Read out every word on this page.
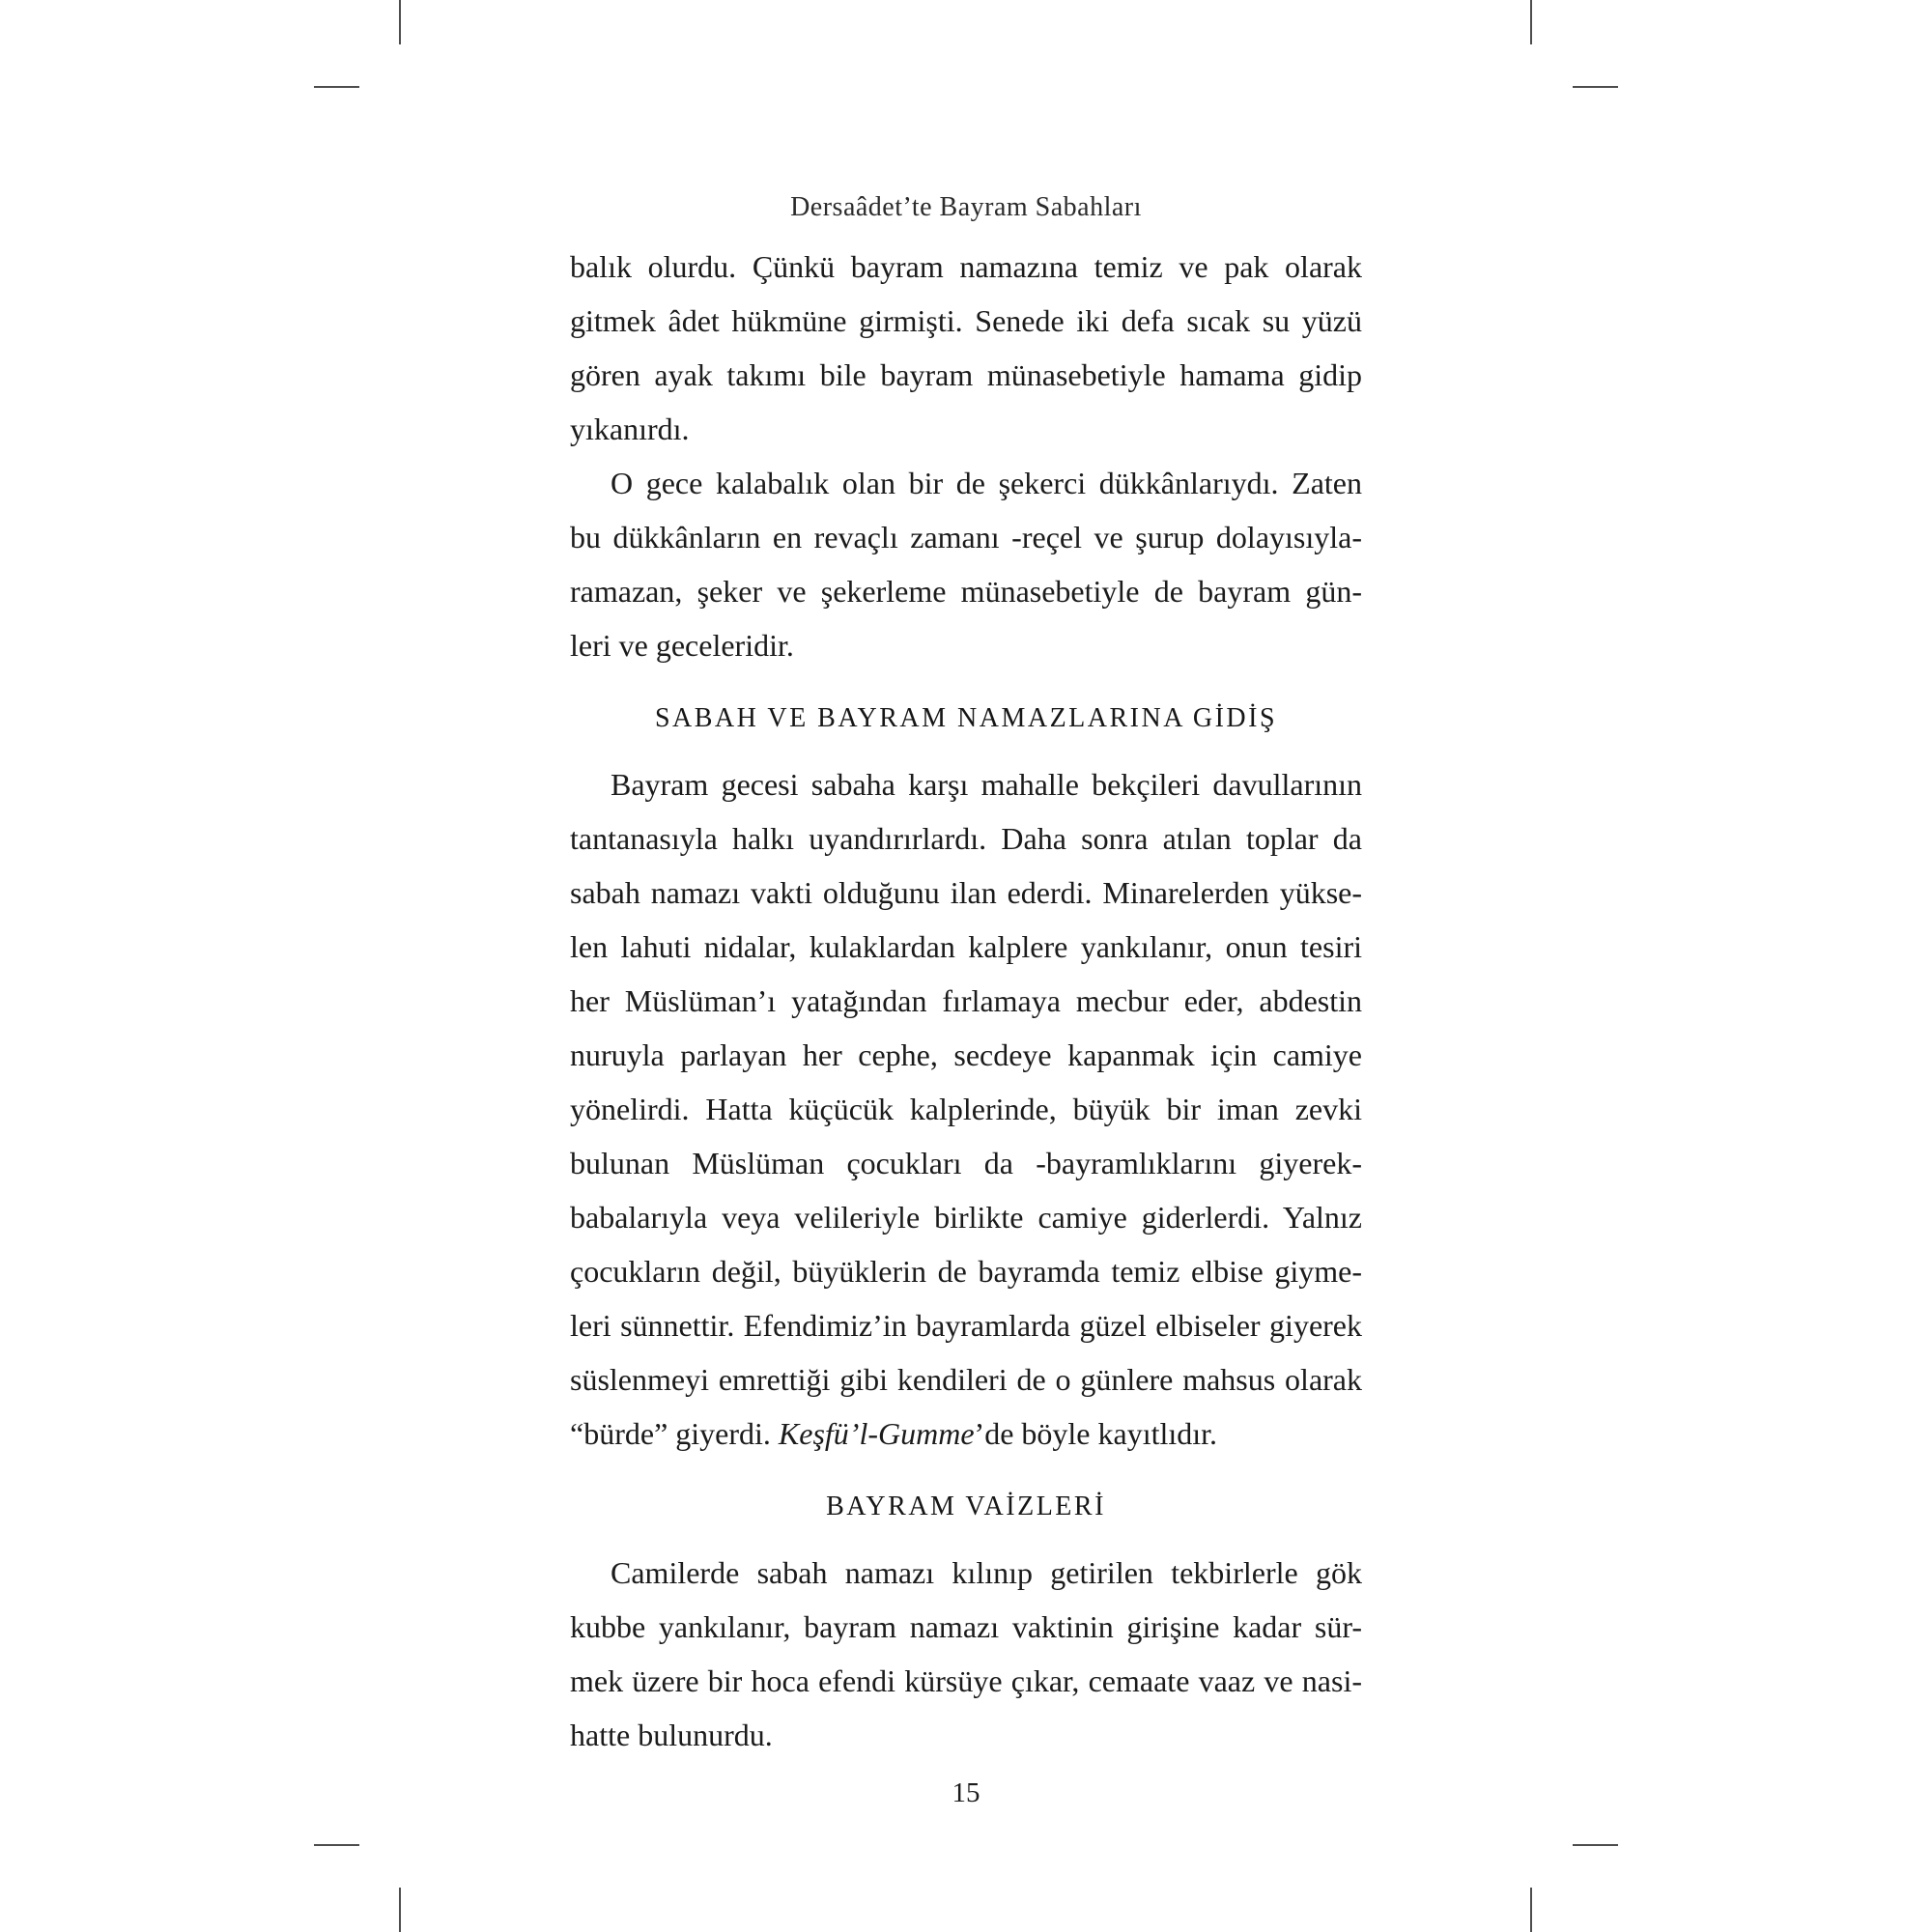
Dersaâdet’te Bayram Sabahları
balık olurdu. Çünkü bayram namazına temiz ve pak olarak
gitmek âdet hükmüne girmişti. Senede iki defa sıcak su yüzü
gören ayak takımı bile bayram münasebetiyle hamama gidip
yıkanırdı.
O gece kalabalık olan bir de şekerci dükkânlarıydı. Zaten
bu dükkânların en revaçlı zamanı -reçel ve şurup dolayısıyla-
ramazan, şeker ve şekerleme münasebetiyle de bayram gün-
leri ve geceleridir.
SABAH VE BAYRAM NAMAZLARINA GİDİŞ
Bayram gecesi sabaha karşı mahalle bekçileri davullarının
tantanasıyla halkı uyandırırlardı. Daha sonra atılan toplar da
sabah namazı vakti olduğunu ilan ederdi. Minarelerden yükse-
len lahuti nidalar, kulaklardan kalplere yankılanır, onun tesiri
her Müslüman’ı yatağından fırlamaya mecbur eder, abdestin
nuruyla parlayan her cephe, secdeye kapanmak için camiye
yönelirdi. Hatta küçücük kalplerinde, büyük bir iman zevki
bulunan Müslüman çocukları da -bayramlıklarını giyerek-
babalarıyla veya velileriyle birlikte camiye giderlerdi. Yalnız
çocukların değil, büyüklerin de bayramda temiz elbise giyme-
leri sünnettir. Efendimiz’in bayramlarda güzel elbiseler giyerek
süslenmeyi emrettiği gibi kendileri de o günlere mahsus olarak
“bürde” giyerdi. Keşfü’l-Gumme’de böyle kayıtlıdır.
BAYRAM VAİZLERİ
Camilerde sabah namazı kılınıp getirilen tekbirlerle gök
kubbe yankılanır, bayram namazı vaktinin girişine kadar sür-
mek üzere bir hoca efendi kürsüye çıkar, cemaate vaaz ve nasi-
hatte bulunurdu.
15
